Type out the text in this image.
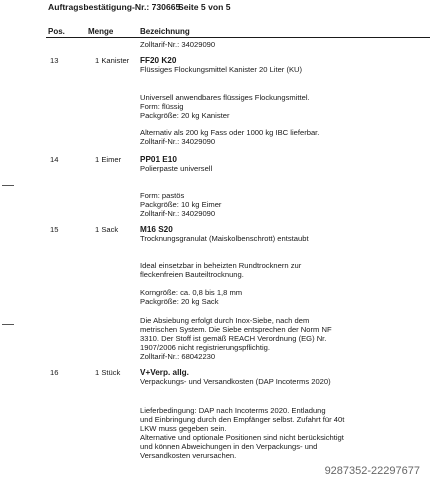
Auftragsbestätigung-Nr.: 730665
Seite 5 von 5
Pos.	Menge	Bezeichnung
Zolltarif-Nr.: 34029090
13	1 Kanister FF20 K20
Flüssiges Flockungsmittel Kanister 20 Liter (KU)
Universell anwendbares flüssiges Flockungsmittel.
Form: flüssig
Packgröße: 20 kg Kanister
Alternativ als 200 kg Fass oder 1000 kg IBC lieferbar.
Zolltarif-Nr.: 34029090
14	1 Eimer PP01 E10
Polierpaste universell
Form: pastös
Packgröße: 10 kg Eimer
Zolltarif-Nr.: 34029090
15	1 Sack	M16 S20
Trocknungsgranulat (Maiskolbenschrott) entstaubt
Ideal einsetzbar in beheizten Rundtrocknern zur
fleckenfreien Bauteiltrocknung.
Korngröße: ca. 0,8 bis 1,8 mm
Packgröße: 20 kg Sack
Die Absiebung erfolgt durch Inox-Siebe, nach dem
metrischen System. Die Siebe entsprechen der Norm NF
3310. Der Stoff ist gemäß REACH Verordnung (EG) Nr.
1907/2006 nicht registrierungspflichtig.
Zolltarif-Nr.: 68042230
16	1 Stück V+Verp. allg.
Verpackungs- und Versandkosten (DAP Incoterms 2020)
Lieferbedingung: DAP nach Incoterms 2020. Entladung
und Einbringung durch den Empfänger selbst. Zufahrt für 40t
LKW muss gegeben sein.
Alternative und optionale Positionen sind nicht berücksichtigt
und können Abweichungen in den Verpackungs- und
Versandkosten verursachen.
9287352-22297677
